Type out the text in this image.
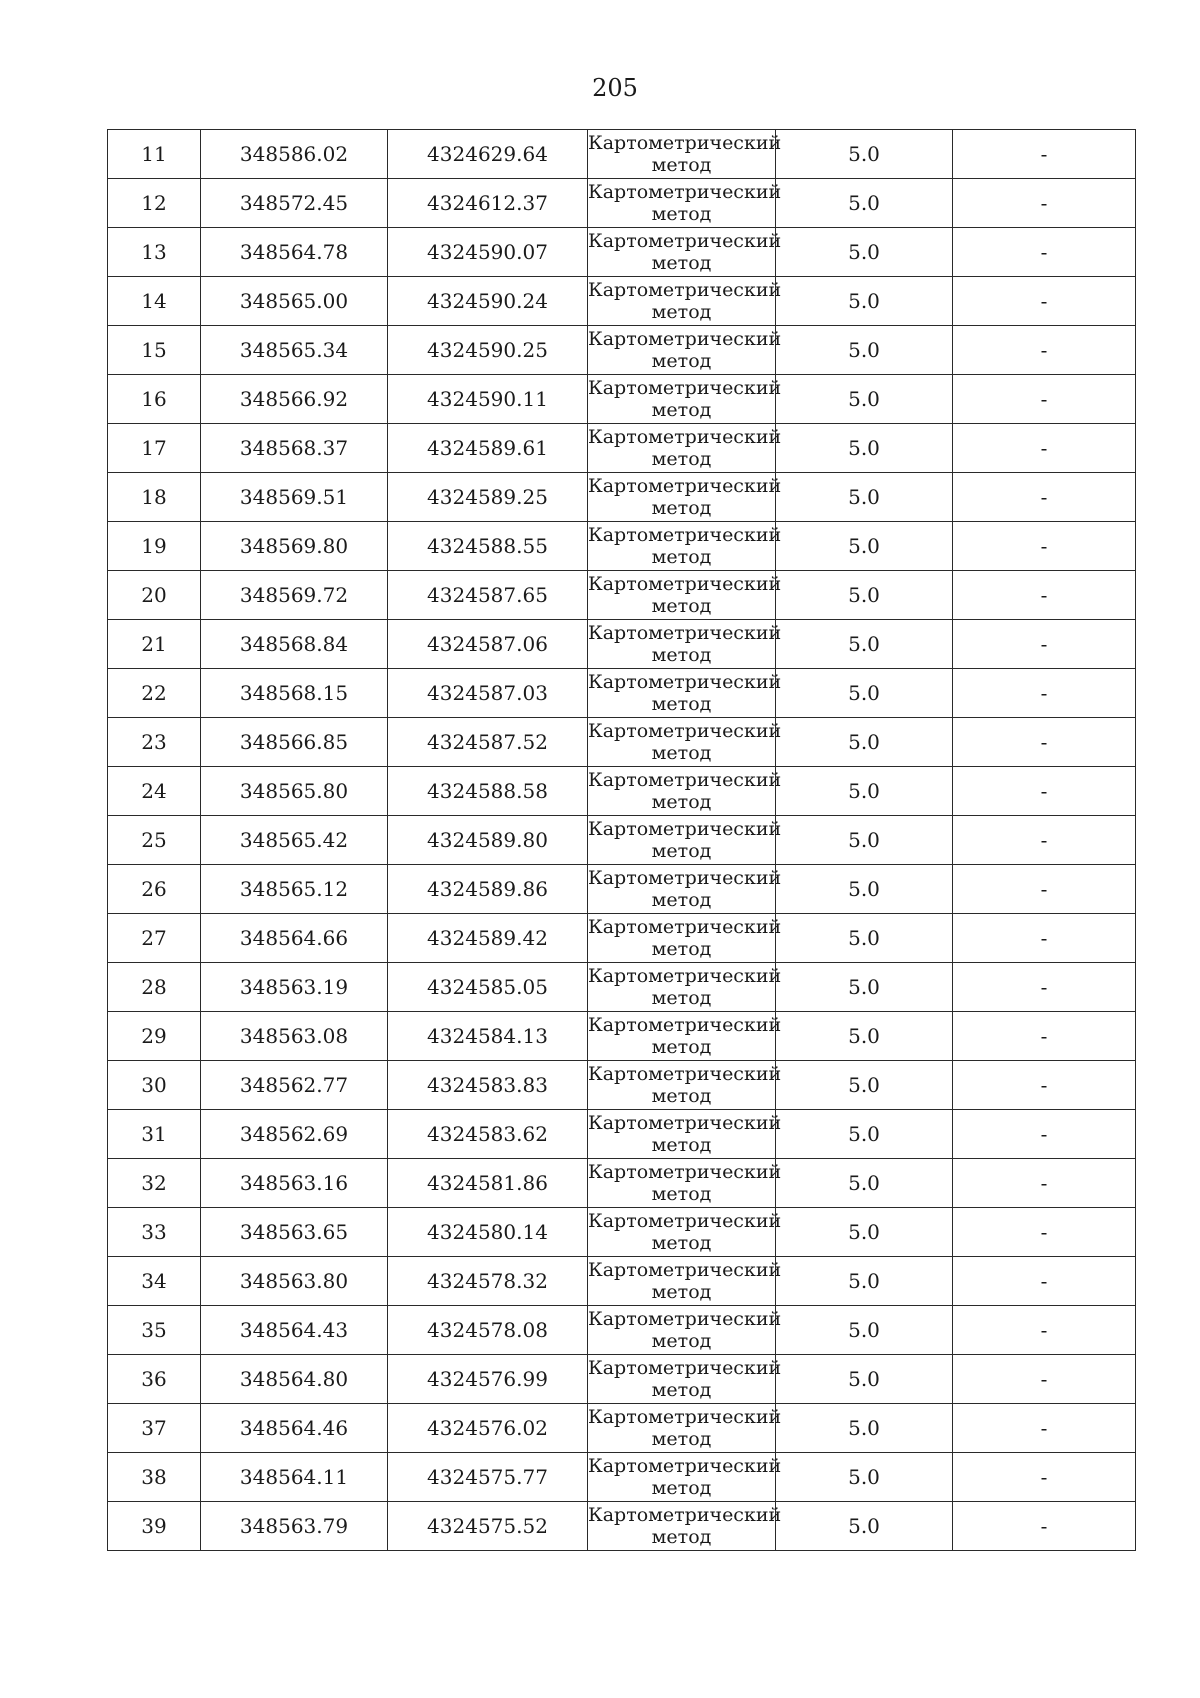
205
11	348586.02	4324629.64	Картометрический
метод	5.0	-
12	348572.45	4324612.37	Картометрический
метод	5.0	-
13	348564.78	4324590.07	Картометрический
метод	5.0	-
14	348565.00	4324590.24	Картометрический
метод	5.0	-
15	348565.34	4324590.25	Картометрический
метод	5.0	-
16	348566.92	4324590.11	Картометрический
метод	5.0	-
17	348568.37	4324589.61	Картометрический
метод	5.0	-
18	348569.51	4324589.25	Картометрический
метод	5.0	-
19	348569.80	4324588.55	Картометрический
метод	5.0	-
20	348569.72	4324587.65	Картометрический
метод	5.0	-
21	348568.84	4324587.06	Картометрический
метод	5.0	-
22	348568.15	4324587.03	Картометрический
метод	5.0	-
23	348566.85	4324587.52	Картометрический
метод	5.0	-
24	348565.80	4324588.58	Картометрический
метод	5.0	-
25	348565.42	4324589.80	Картометрический
метод	5.0	-
26	348565.12	4324589.86	Картометрический
метод	5.0	-
27	348564.66	4324589.42	Картометрический
метод	5.0	-
28	348563.19	4324585.05	Картометрический
метод	5.0	-
29	348563.08	4324584.13	Картометрический
метод	5.0	-
30	348562.77	4324583.83	Картометрический
метод	5.0	-
31	348562.69	4324583.62	Картометрический
метод	5.0	-
32	348563.16	4324581.86	Картометрический
метод	5.0	-
33	348563.65	4324580.14	Картометрический
метод	5.0	-
34	348563.80	4324578.32	Картометрический
метод	5.0	-
35	348564.43	4324578.08	Картометрический
метод	5.0	-
36	348564.80	4324576.99	Картометрический
метод	5.0	-
37	348564.46	4324576.02	Картометрический
метод	5.0	-
38	348564.11	4324575.77	Картометрический
метод	5.0	-
39	348563.79	4324575.52	Картометрический
метод	5.0	-
